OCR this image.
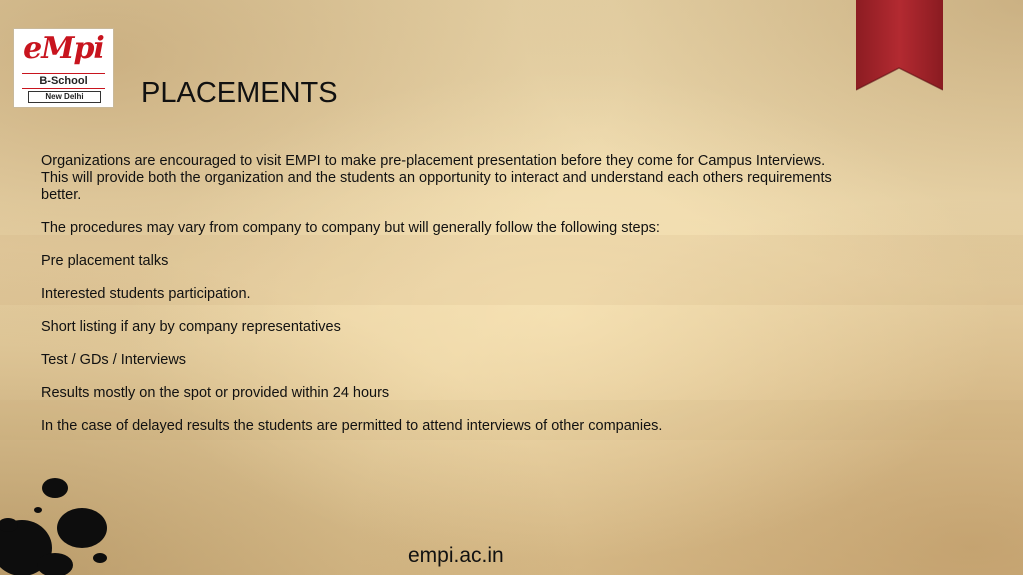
eMpi
B-School
New Delhi	PLACEMENTS

Organizations are encouraged to visit EMPI to make pre-placement presentation before they come for Campus Interviews. This will provide both the organization and the students an opportunity to interact and understand each others requirements better.

The procedures may vary from company to company but will generally follow the following steps:

Pre placement talks

Interested students participation.

Short listing if any by company representatives

Test / GDs / Interviews

Results mostly on the spot or provided within 24 hours

In the case of delayed results the students are permitted to attend interviews of other companies.

empi.ac.in
